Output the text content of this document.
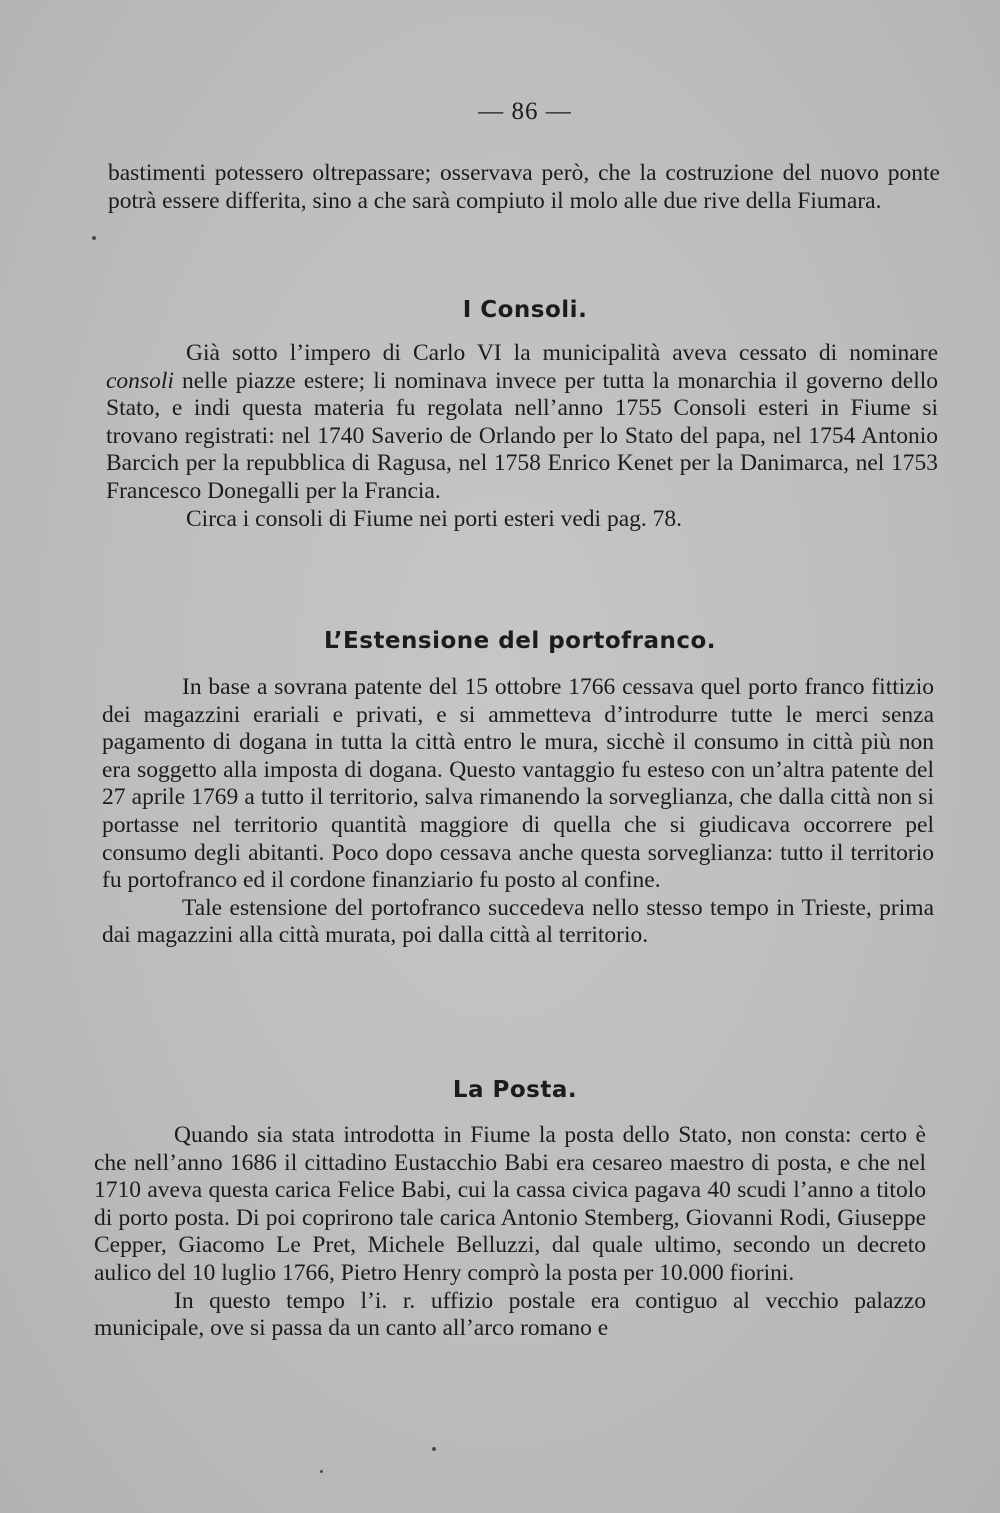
— 86 —

bastimenti potessero oltrepassare; osservava però, che la costruzione del nuovo ponte potrà essere differita, sino a che sarà compiuto il molo alle due rive della Fiumara.

I Consoli.

Già sotto l’impero di Carlo VI la municipalità aveva cessato di nominare consoli nelle piazze estere; li nominava invece per tutta la monarchia il governo dello Stato, e indi questa materia fu regolata nell’anno 1755 Consoli esteri in Fiume si trovano registrati: nel 1740 Saverio de Orlando per lo Stato del papa, nel 1754 Antonio Barcich per la repubblica di Ragusa, nel 1758 Enrico Kenet per la Danimarca, nel 1753 Francesco Donegalli per la Francia.

Circa i consoli di Fiume nei porti esteri vedi pag. 78.

L’Estensione del portofranco.

In base a sovrana patente del 15 ottobre 1766 cessava quel porto franco fittizio dei magazzini erariali e privati, e si ammetteva d’introdurre tutte le merci senza pagamento di dogana in tutta la città entro le mura, sicchè il consumo in città più non era soggetto alla imposta di dogana. Questo vantaggio fu esteso con un’altra patente del 27 aprile 1769 a tutto il territorio, salva rimanendo la sorveglianza, che dalla città non si portasse nel territorio quantità maggiore di quella che si giudicava occorrere pel consumo degli abitanti. Poco dopo cessava anche questa sorveglianza: tutto il territorio fu portofranco ed il cordone finanziario fu posto al confine.

Tale estensione del portofranco succedeva nello stesso tempo in Trieste, prima dai magazzini alla città murata, poi dalla città al territorio.

La Posta.

Quando sia stata introdotta in Fiume la posta dello Stato, non consta: certo è che nell’anno 1686 il cittadino Eustacchio Babi era cesareo maestro di posta, e che nel 1710 aveva questa carica Felice Babi, cui la cassa civica pagava 40 scudi l’anno a titolo di porto posta. Di poi coprirono tale carica Antonio Stemberg, Giovanni Rodi, Giuseppe Cepper, Giacomo Le Pret, Michele Belluzzi, dal quale ultimo, secondo un decreto aulico del 10 luglio 1766, Pietro Henry comprò la posta per 10.000 fiorini.

In questo tempo l’i. r. uffizio postale era contiguo al vecchio palazzo municipale, ove si passa da un canto all’arco romano e
